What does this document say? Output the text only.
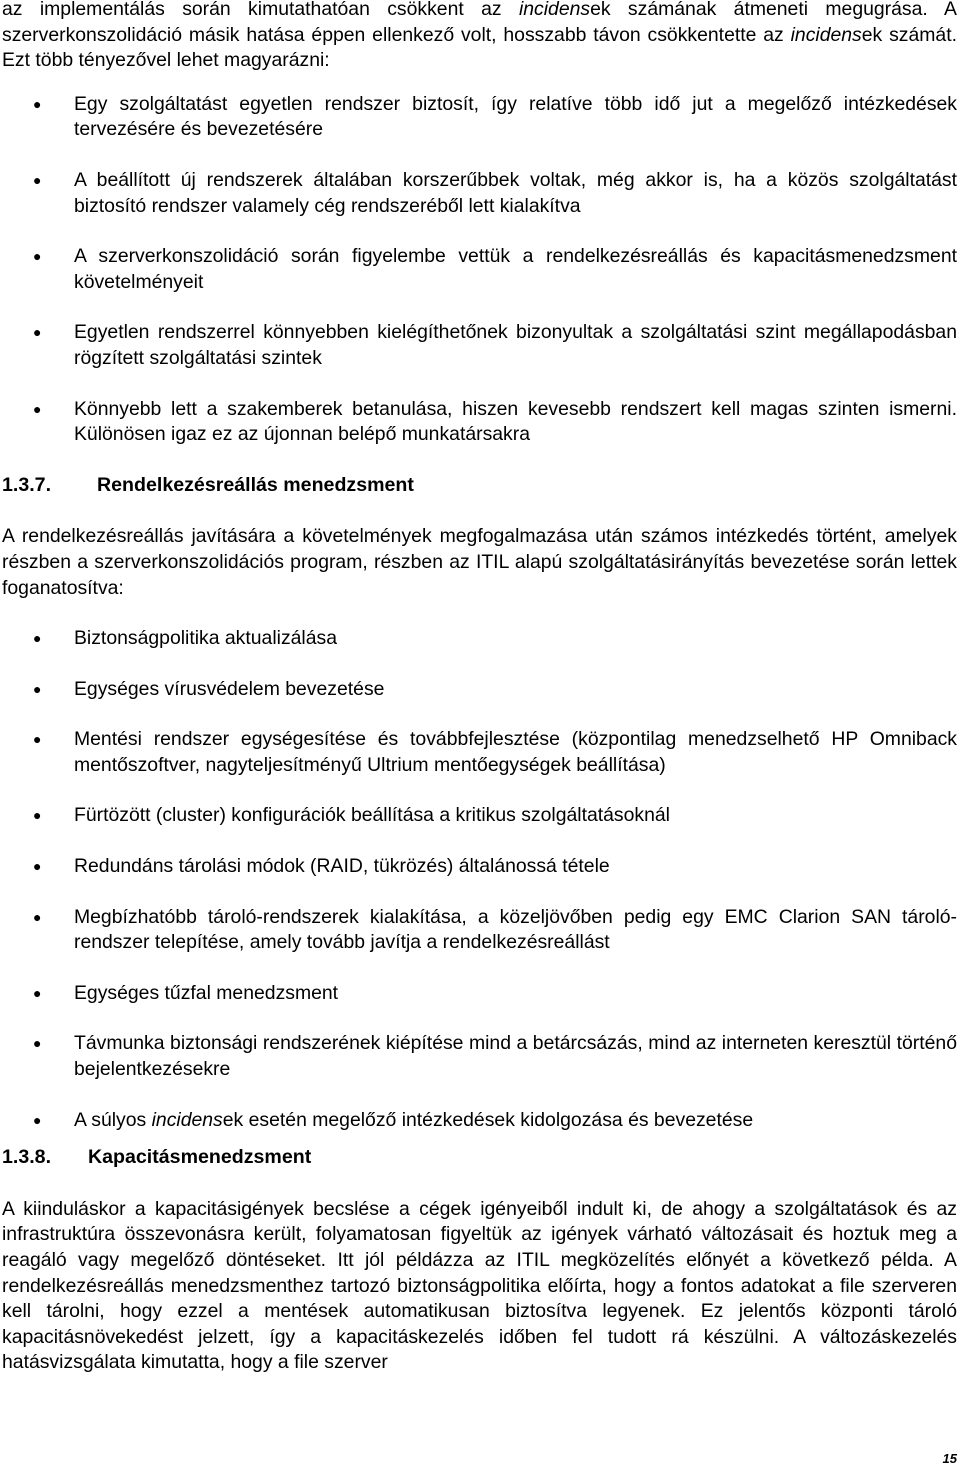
az implementálás során kimutathatóan csökkent az incidensek számának átmeneti megugrása. A szerverkonszolidáció másik hatása éppen ellenkező volt, hosszabb távon csökkentette az incidensek számát. Ezt több tényezővel lehet magyarázni:

● Egy szolgáltatást egyetlen rendszer biztosít, így relatíve több idő jut a megelőző intézkedések tervezésére és bevezetésére
● A beállított új rendszerek általában korszerűbbek voltak, még akkor is, ha a közös szolgáltatást biztosító rendszer valamely cég rendszeréből lett kialakítva
● A szerverkonszolidáció során figyelembe vettük a rendelkezésreállás és kapacitásmenedzsment követelményeit
● Egyetlen rendszerrel könnyebben kielégíthetőnek bizonyultak a szolgáltatási szint megállapodásban rögzített szolgáltatási szintek
● Könnyebb lett a szakemberek betanulása, hiszen kevesebb rendszert kell magas szinten ismerni. Különösen igaz ez az újonnan belépő munkatársakra
1.3.7. Rendelkezésreállás menedzsment

A rendelkezésreállás javítására a követelmények megfogalmazása után számos intézkedés történt, amelyek részben a szerverkonszolidációs program, részben az ITIL alapú szolgáltatásirányítás bevezetése során lettek foganatosítva:

● Biztonságpolitika aktualizálása
● Egységes vírusvédelem bevezetése
● Mentési rendszer egységesítése és továbbfejlesztése (központilag menedzselhető HP Omniback mentőszoftver, nagyteljesítményű Ultrium mentőegységek beállítása)
● Fürtözött (cluster) konfigurációk beállítása a kritikus szolgáltatásoknál
● Redundáns tárolási módok (RAID, tükrözés) általánossá tétele
● Megbízhatóbb tároló-rendszerek kialakítása, a közeljövőben pedig egy EMC Clarion SAN tároló-rendszer telepítése, amely tovább javítja a rendelkezésreállást
● Egységes tűzfal menedzsment
● Távmunka biztonsági rendszerének kiépítése mind a betárcsázás, mind az interneten keresztül történő bejelentkezésekre
● A súlyos incidensek esetén megelőző intézkedések kidolgozása és bevezetése
1.3.8. Kapacitásmenedzsment

A kiinduláskor a kapacitásigények becslése a cégek igényeiből indult ki, de ahogy a szolgáltatások és az infrastruktúra összevonásra került, folyamatosan figyeltük az igények várható változásait és hoztuk meg a reagáló vagy megelőző döntéseket. Itt jól példázza az ITIL megközelítés előnyét a következő példa. A rendelkezésreállás menedzsmenthez tartozó biztonságpolitika előírta, hogy a fontos adatokat a file szerveren kell tárolni, hogy ezzel a mentések automatikusan biztosítva legyenek. Ez jelentős központi tároló kapacitásnövekedést jelzett, így a kapacitáskezelés időben fel tudott rá készülni. A változáskezelés hatásvizsgálata kimutatta, hogy a file szerver

15
